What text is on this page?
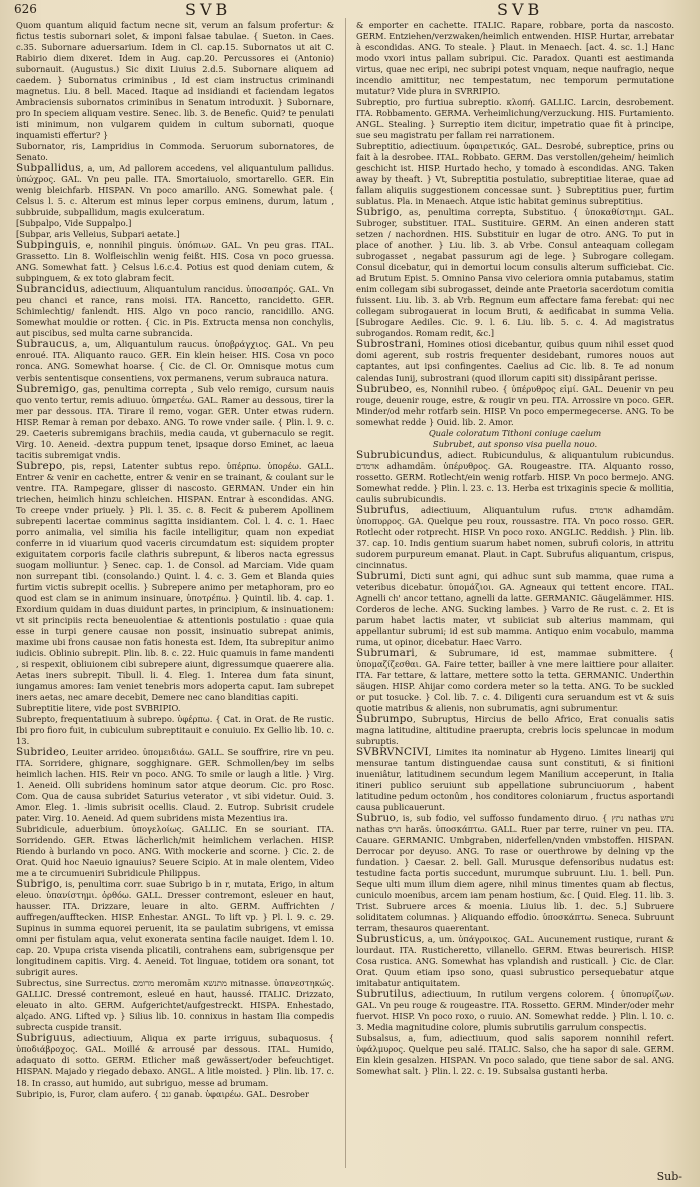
626	SVB	SVB

Quom quantum aliquid factum necne sit, verum an falsum profertur: & fictus testis subornari solet, & imponi falsae tabulae. { Sueton. in Caes. c.35. Subornare aduersarium. Idem in Cl. cap.15. Subornatos ut ait C. Rabirio diem dixeret. Idem in Aug. cap.20. Percussores ei (Antonio) subornauit. (Augustus.) Sic dixit Liuius 2.d.5. Subornare aliquem ad caedem. } Subornatus criminibus , Id est ciam instructus criminandi magnetus. Liu. 8 bell. Maced. Itaque ad insidiandi et faciendam legatos Ambraciensis subornatos criminibus in Senatum introduxit. } Subornare, pro In speciem aliquam vestire. Senec. lib. 3. de Benefic. Quid? te penulati isti minimum, non vulgarem quidem in cultum subornati, quoque inquamisti effertur? }

Subornator, ris, Lampridius in Commoda. Seruorum subornatores, de Senato.

Subpallidus, a, um, Ad pallorem accedens, vel aliquantulum pallidus. ὑπώχρος. GAL. Vn peu palle. ITA. Smortaiuolo, smortarello. GER. Ein wenig bleichfarb. HISPAN. Vn poco amarillo. ANG. Somewhat pale. { Celsus l. 5. c. Alterum est minus leper corpus eminens, durum, latum , subbruide, subpallidum, magis exulceratum.

[Subpalpo, Vide Suppalpo.]

[Subpar, aris Velleius, Subpari aetate.]

Subpinguis, e, nonnihil pinguis. ὑπόπιων. GAL. Vn peu gras. ITAL. Grassetto. Lin 8. Wolfleischlin wenig feißt. HIS. Cosa vn poco gruessa. ANG. Somewhat fatt. } Celsus l.6.c.4. Potius est quod deniam cutem, & subpinguem, & ex toto glabram fecit.

Subrancidus, adiectiuum, Aliquantulum rancidus. ὑποσαπρός. GAL. Vn peu chanci et rance, rans moisi. ITA. Rancetto, rancidetto. GER. Schimlechtig/ fanlendt. HIS. Algo vn poco rancio, rancidillo. ANG. Somewhat mouldie or rotten. { Cic. in Pis. Extructa mensa non conchylis, aut piscibus, sed multa carne subrancida.

Subraucus, a, um, Aliquantulum raucus. ὑποβράγχιος. GAL. Vn peu enroué. ITA. Aliquanto rauco. GER. Ein klein heiser. HIS. Cosa vn poco ronca. ANG. Somewhat hoarse. { Cic. de Cl. Or. Omnisque motus cum verbis sententisque consentiens, vox permanens, verum subrauca natura.

Subremigo, gas, penultima correpta , Sub velo remigo, cursum nauis quo vento tertur, remis adiuuo. ὑπηρετέω. GAL. Ramer au dessous, tirer la mer par dessous. ITA. Tirare il remo, vogar. GER. Unter etwas rudern. HISP. Remar à reman por debaxo. ANG. To rowe vnder saile. { Plin. l. 9. c. 29. Caeteris subremigans brachiis, media cauda, vt gubernaculo se regit. Virg. 10. Aeneid. -dextra puppum tenet, ipsaque dorso Eminet, ac laeua tacitis subremigat vndis.

Subrepo, pis, repsi, Latenter subtus repo. ὑπέρπω. ὑπορέω. GALL. Entrer & venir en cachette, entrer & venir en se trainant, & coulant sur le ventre. ITA. Rampegare, glisser di nascosto. GERMAN. Under ein hin triechen, heimlich hinzu schleichen. HISPAN. Entrar à escondidas. ANG. To creepe vnder priuely. } Pli. l. 35. c. 8. Fecit & puberem Apollinem subrepenti lacertae comminus sagitta insidiantem. Col. l. 4. c. 1. Haec porro animalia, vel similia his facile intelligitur, quam non expediat conferre in id viuarium quod vaceris circumdatum est: siquidem propter exiguitatem corporis facile clathris subrepunt, & liberos nacta egressus suogam molliuntur. } Senec. cap. 1. de Consol. ad Marciam. Vide quam non surrepant tibi. (consolando.) Quint. l. 4. c. 3. Gem et Blanda quies furtim victis subrepit ocellis. } Subrepere animo per metaphoram, pro eo quod est clam se in animum insinuare, ὑποτρέπω. } Quintil. lib. 4. cap. 1. Exordium quidam in duas diuidunt partes, in principium, & insinuationem: vt sit principiis recta beneuolentiae & attentionis postulatio : quae quia esse in turpi genere causae non possit, insinuatio subrepat animis, maxime ubi frons causae non fatis honesta est. Idem, Ita subrepitur animo iudicis. Oblinio subrepit. Plin. lib. 8. c. 22. Huic quamuis in fame mandenti , si respexit, obliuionem cibi subrepere aiunt, digressumque quaerere alia. Aetas iners subrepit. Tibull. li. 4. Eleg. 1. Interea dum fata sinunt, iungamus amores: Iam veniet tenebris mors adoperta caput. Iam subrepet iners aetas, nec amare decebit, Demere nec cano blanditias capiti.

Subreptitie litere, vide post SVBRIPIO.

Subrepto, frequentatiuum à subrepo. ὑφέρπω. { Cat. in Orat. de Re rustic. Ibi pro fioro fuit, in cubiculum subreptitauit e conuiuio. Ex Gellio lib. 10. c. 13.

Subrideo, Leuiter arrideo. ὑπομειδιάω. GALL. Se souffrire, rire vn peu. ITA. Sorridere, ghignare, sogghignare. GER. Schmollen/bey im selbs heimlich lachen. HIS. Reir vn poco. ANG. To smile or laugh a litle. } Virg. 1. Aeneid. Olli subridens hominum sator atque deorum. Cic. pro Rosc. Com. Qua de causa subridet Saturius veterator , vt sibi videtur. Ouid. 3. Amor. Eleg. 1. -limis subrisit ocellis. Claud. 2. Eutrop. Subrisit crudele pater. Virg. 10. Aeneid. Ad quem subridens mista Mezentius ira.

Subridicule, aduerbium. ὑπογελοίως. GALLIC. En se souriant. ITA. Sorridendo. GER. Etwas lächerlich/mit heimlichem verlachen. HISP. Riendo à burlando vn poco. ANG. With mockerie and scorne. } Cic. 2. de Orat. Quid hoc Naeuio ignauius? Seuere Scipio. At in male olentem, Video me a te circumueniri Subridicule Philippus.

Subrigo, is, penultima corr. suae Subrigo b in r, mutata, Erigo, in altum eleuo. ὑπανίστημι. ὀρθόω. GALL. Dresser contremont, esleuer en haut, hausser. ITA. Drizzare, leuare in alto. GERM. Auffrichten / auffregen/aufftecken. HISP. Enhestar. ANGL. To lift vp. } Pl. l. 9. c. 29. Supinus in summa equorei peruenit, ita se paulatim subrigens, vt emissa omni per fistulam aqua, velut exonerata sentina facile nauiget. Idem l. 10. cap. 20. Vpupa crista visenda plicatili, contrahens eam, subrigensque per longitudinem capitis. Virg. 4. Aeneid. Tot linguae, totidem ora sonant, tot subrigit aures.

Subrectus, sine Surrectus. מרומם meromām מתנשא mitnasse. ὑπανεστηκώς. GALLIC. Dressé contremont, esleué en haut, haussé. ITALIC. Drizzato, eleuato in alto. GERM. Aufgerichtet/aufgestreckt. HISPA. Enhestado, alçado. ANG. Lifted vp. } Silius lib. 10. connixus in hastam Ilia compedis subrecta cuspide transit.

Subriguus, adiectiuum, Aliqua ex parte irriguus, subaquosus. { ὑποδιάβροχος. GAL. Moillé & arrousé par dessous. ITAL. Humido, adaquato di sotto. GERM. Etlicher maß gewässert/oder befeuchtiget. HISPAN. Majado y riegado debaxo. ANGL. A litle moisted. } Plin. lib. 17. c. 18. In crasso, aut humido, aut subriguo, messe ad brumam.

Subripio, is, Furor, clam aufero. { גנב ganab. ὑφαιρέω. GAL. Desrober

& emporter en cachette. ITALIC. Rapare, robbare, porta da nascosto. GERM. Entziehen/verzwaken/heimlich entwenden. HISP. Hurtar, arrebatar à escondidas. ANG. To steale. } Plaut. in Menaech. [act. 4. sc. 1.] Hanc modo vxori intus pallam subripui. Cic. Paradox. Quanti est aestimanda virtus, quae nec eripi, nec subripi potest vnquam, neque naufragio, neque incendio amittitur, nec tempestatum, nec temporum permutatione mutatur? Vide plura in SVRRIPIO.

Subreptio, pro furtiua subreptio. κλοπή. GALLIC. Larcin, desrobement. ITA. Robbamento. GERMA. Verheimlichung/verzuckung. HIS. Furtamiento. ANGL. Stealing. } Surreptio item dicitur, impetratio quae fit à principe, sue seu magistratu per fallam rei narrationem.

Subreptitio, adiectiuum. ὑφαιρετικός. GAL. Desrobé, subreptice, prins ou fait à la desrobee. ITAL. Robbato. GERM. Das verstollen/geheim/ heimlich geschicht ist. HISP. Hurtado hecho, y tomado à escondidas. ANG. Taken away by theaft. } Vt, Subreptitia postulatio, subreptitiae literae, quae ad fallam aliquiis suggestionem concessae sunt. } Subreptitius puer, furtim sublatus. Pla. in Menaech. Atque istic habitat geminus subreptitius.

Subrigo, as, penultima correpta, Substituo. { ὑποκαθίστημι. GAL. Subroger, substituer. ITAL. Sustituire. GERM. An einen anderen statt setzen / nachordnen. HIS. Substituir en lugar de otro. ANG. To put in place of another. } Liu. lib. 3. ab Vrbe. Consul anteaquam collegam subrogasset , negabat passurum agi de lege. } Subrogare collegam. Consul dicebatur, qui in demortui locum consulis alterum sufficiebat. Cic. ad Brutum Epist. 5. Omnino Pansa vivo celeriora omnia putabamus, statim enim collegam sibi subrogasset, deinde ante Praetoria sacerdotum comitia fuissent. Liu. lib. 3. ab Vrb. Regnum eum affectare fama ferebat: qui nec collegam subrogauerat in locum Bruti, & aedificabat in summa Velia. [Subrogare Aediles. Cic. 9. l. 6. Liu. lib. 5. c. 4. Ad magistratus subrogandos. Romam redit, &c.]

Subrostrani, Homines otiosi dicebantur, quibus quum nihil esset quod domi agerent, sub rostris frequenter desidebant, rumores nouos aut captantes, aut ipsi confingentes. Caelius ad Cic. lib. 8. Te ad nonum calendas Iunij, subrostrani (quod illorum capiti sit) dissipârant perisse.

Subrubeo, es, Nonnihil rubeo. { ὑπέρυθρος εἰμί. GAL. Deuenir vn peu rouge, deuenir rouge, estre, & rougir vn peu. ITA. Arrossire vn poco. GER. Minder/od mehr rotfarb sein. HISP. Vn poco empermegecerse. ANG. To be somewhat redde } Ouid. lib. 2. Amor.

Quale coloratum Tithoni coniuge caelum

Subrubet, aut sponso visa puella nouo.

Subrubicundus, adiect. Rubicundulus, & aliquantulum rubicundus. אדמדם adhamdām. ὑπέρυθρος. GA. Rougeastre. ITA. Alquanto rosso, rossetto. GERM. Rotlecht/ein wenig rotfarb. HISP. Vn poco bermejo. ANG. Somewhat redde. } Plin. l. 23. c. 13. Herba est trixaginis specie & mollitia, caulis subrubicundis.

Subrufus, adiectiuum, Aliquantulum rufus. אדמדם adhamdām. ὑποπυρρος. GA. Quelque peu roux, roussastre. ITA. Vn poco rosso. GER. Rotlecht oder rotprecht. HISP. Vn poco roxo. ANGLIC. Reddish. } Plin. lib. 37. cap. 10. Indis gentium suarum habet nomen, subrufi coloris, in attritu sudorem purpureum emanat. Plaut. in Capt. Subrufus aliquantum, crispus, cincinnatus.

Subrumi, Dicti sunt agni, qui adhuc sunt sub mamma, quae ruma a veteribus dicebatur. ὑπομάζιοι. GA. Agneaux qui tettent encore. ITAL. Agnelli ch' ancor tettano, agnelli da latte. GERMANIC. Gäugelämmer. HIS. Corderos de leche. ANG. Sucking lambes. } Varro de Re rust. c. 2. Et is parum habet lactis mater, vt subiiciat sub alterius mammam, qui appellantur subrumi; id est sub mamma. Antiquo enim vocabulo, mamma ruma, ut opinor, dicebatur. Haec Varro.

Subrumari, & Subrumare, id est, mammae submittere. { ὑπομαζίζεσθαι. GA. Faire tetter, bailler à vne mere laittiere pour allaiter. ITA. Far tettare, & lattare, mettere sotto la tetta. GERMANIC. Underthin säugen. HISP. Ahijar como cordera meter so la tetta. ANG. To be suckled or put tosucke. } Col. lib. 7. c. 4. Diligenti cura seruandum est vt & suis quotie matribus & alienis, non subrumatis, agni subrumentur.

Subrumpo, Subruptus, Hircius de bello Africo, Erat conualis satis magna latitudine, altitudine praerupta, crebris locis speluncae in modum subruptis.

SVBRVNCIVI, Limites ita nominatur ab Hygeno. Limites linearij qui mensurae tantum distinguendae causa sunt constituti, & si finitioni inueniâtur, latitudinem secundum legem Manilium acceperunt, in Italia itineri publico seruiunt sub appellatione subrunciuorum , habent latitudine pedum octonûm , hos conditores coloniarum , fructus asportandi causa publicauerunt.

Subruo, is, sub fodio, vel suffosso fundamento diruo. { נתץ nathas נתש nathas הרס harăs. ὑποσκάπτω. GALL. Ruer par terre, ruiner vn peu. ITA. Cauare. GERMANIC. Umbgraben, niderfellen/vnden vmbstoffen. HISPAN. Derrocar por deyuso. ANG. To rase or ouerthrowe by delning vp the fundation. } Caesar. 2. bell. Gall. Murusque defensoribus nudatus est: testudine facta portis succedunt, murumque subruunt. Liu. 1. bell. Pun. Seque ulti mum illum diem agere, nihil minus timentes quam ab flectus, cuniculo moenibus, arcem iam penam hostium, &c. [ Quid. Eleg. 11. lib. 3. Trist. Subruere arces & moenia. Liuius lib. 1. dec. 5.] Subruere soliditatem columnas. } Aliquando effodio. ὑποσκάπτω. Seneca. Subruunt terram, thesauros quaerentant.

Subrusticus, a, um. ὑπάγροικος. GAL. Aucunement rustique, rurant & lourdaut. ITA. Rusticheretto, villanello. GERM. Etwas beurerisch. HISP. Cosa rustica. ANG. Somewhat has vplandish and rusticall. } Cic. de Clar. Orat. Quum etiam ipso sono, quasi subrustico persequebatur atque imitabatur antiquitatem.

Subrutilus, adiectiuum, In rutilum vergens colorem. { ὑποπυρίζων. GAL. Vn peu rouge & rougeastre. ITA. Rossetto. GERM. Minder/oder mehr fuervot. HISP. Vn poco roxo, o ruuio. AN. Somewhat redde. } Plin. l. 10. c. 3. Media magnitudine colore, plumis subrutilis garrulum conspectis.

Subsalsus, a, fum, adiectiuum, quod salis saporem nonnihil refert. ὑφάλμυρος. Quelque peu salé. ITALIC. Salso, che ha sapor di sale. GERM. Ein klein gesalzen. HISPAN. Vn poco salado, que tiene sabor de sal. ANG. Somewhat salt. } Plin. l. 22. c. 19. Subsalsa gustanti herba.

Sub-
